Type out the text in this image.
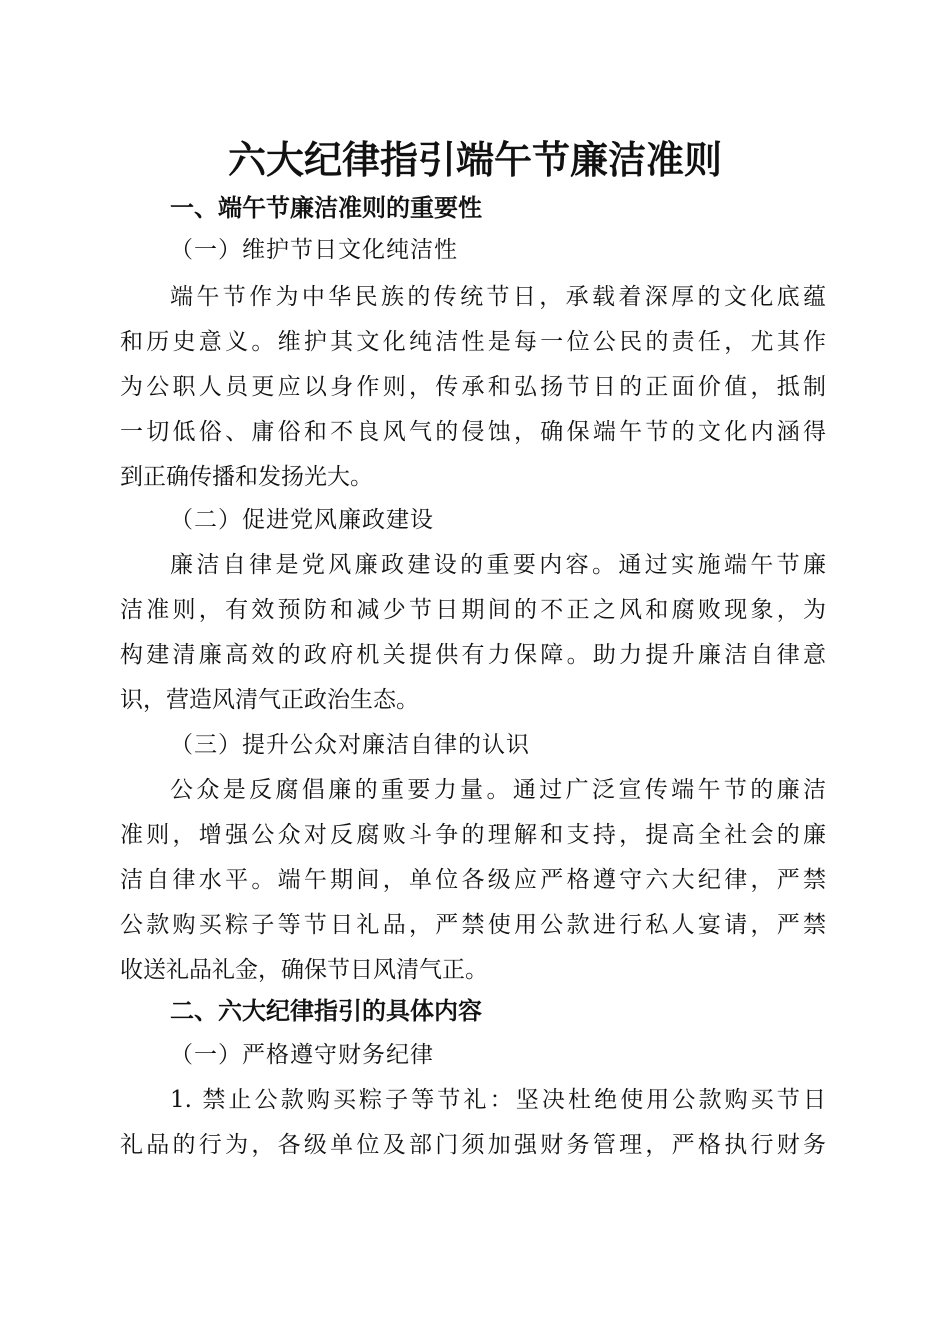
六大纪律指引端午节廉洁准则
一、端午节廉洁准则的重要性
（一）维护节日文化纯洁性
端午节作为中华民族的传统节日，承载着深厚的文化底蕴
和历史意义。维护其文化纯洁性是每一位公民的责任，尤其作
为公职人员更应以身作则，传承和弘扬节日的正面价值，抵制
一切低俗、庸俗和不良风气的侵蚀，确保端午节的文化内涵得
到正确传播和发扬光大。
（二）促进党风廉政建设
廉洁自律是党风廉政建设的重要内容。通过实施端午节廉
洁准则，有效预防和减少节日期间的不正之风和腐败现象，为
构建清廉高效的政府机关提供有力保障。助力提升廉洁自律意
识，营造风清气正政治生态。
（三）提升公众对廉洁自律的认识
公众是反腐倡廉的重要力量。通过广泛宣传端午节的廉洁
准则，增强公众对反腐败斗争的理解和支持，提高全社会的廉
洁自律水平。端午期间，单位各级应严格遵守六大纪律，严禁
公款购买粽子等节日礼品，严禁使用公款进行私人宴请，严禁
收送礼品礼金，确保节日风清气正。
二、六大纪律指引的具体内容
（一）严格遵守财务纪律
1. 禁止公款购买粽子等节礼：坚决杜绝使用公款购买节日
礼品的行为，各级单位及部门须加强财务管理，严格执行财务
